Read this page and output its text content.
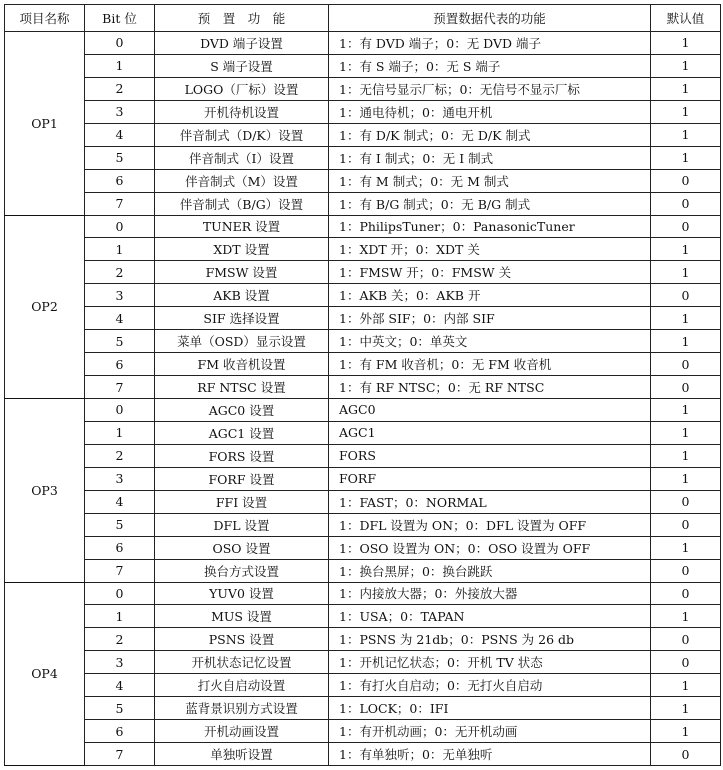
项目名称	Bit 位	预　置　功　能	预置数据代表的功能	默认值
OP1	0	DVD 端子设置	1：有 DVD 端子；0：无 DVD 端子	1
	1	S 端子设置	1：有 S 端子；0：无 S 端子	1
	2	LOGO（厂标）设置	1：无信号显示厂标；0：无信号不显示厂标	1
	3	开机待机设置	1：通电待机；0：通电开机	1
	4	伴音制式（D/K）设置	1：有 D/K 制式；0：无 D/K 制式	1
	5	伴音制式（I）设置	1：有 I 制式；0：无 I 制式	1
	6	伴音制式（M）设置	1：有 M 制式；0：无 M 制式	0
	7	伴音制式（B/G）设置	1：有 B/G 制式；0：无 B/G 制式	0
OP2	0	TUNER 设置	1：PhilipsTuner；0：PanasonicTuner	0
	1	XDT 设置	1：XDT 开；0：XDT 关	1
	2	FMSW 设置	1：FMSW 开；0：FMSW 关	1
	3	AKB 设置	1：AKB 关；0：AKB 开	0
	4	SIF 选择设置	1：外部 SIF；0：内部 SIF	1
	5	菜单（OSD）显示设置	1：中英文；0：单英文	1
	6	FM 收音机设置	1：有 FM 收音机；0：无 FM 收音机	0
	7	RF NTSC 设置	1：有 RF NTSC；0：无 RF NTSC	0
OP3	0	AGC0 设置	AGC0	1
	1	AGC1 设置	AGC1	1
	2	FORS 设置	FORS	1
	3	FORF 设置	FORF	1
	4	FFI 设置	1：FAST；0：NORMAL	0
	5	DFL 设置	1：DFL 设置为 ON；0：DFL 设置为 OFF	0
	6	OSO 设置	1：OSO 设置为 ON；0：OSO 设置为 OFF	1
	7	换台方式设置	1：换台黑屏；0：换台跳跃	0
OP4	0	YUV0 设置	1：内接放大器；0：外接放大器	0
	1	MUS 设置	1：USA；0：TAPAN	1
	2	PSNS 设置	1：PSNS 为 21db；0：PSNS 为 26 db	0
	3	开机状态记忆设置	1：开机记忆状态；0：开机 TV 状态	0
	4	打火自启动设置	1：有打火自启动；0：无打火自启动	1
	5	蓝背景识别方式设置	1：LOCK；0：IFI	1
	6	开机动画设置	1：有开机动画；0：无开机动画	1
	7	单独听设置	1：有单独听；0：无单独听	0
